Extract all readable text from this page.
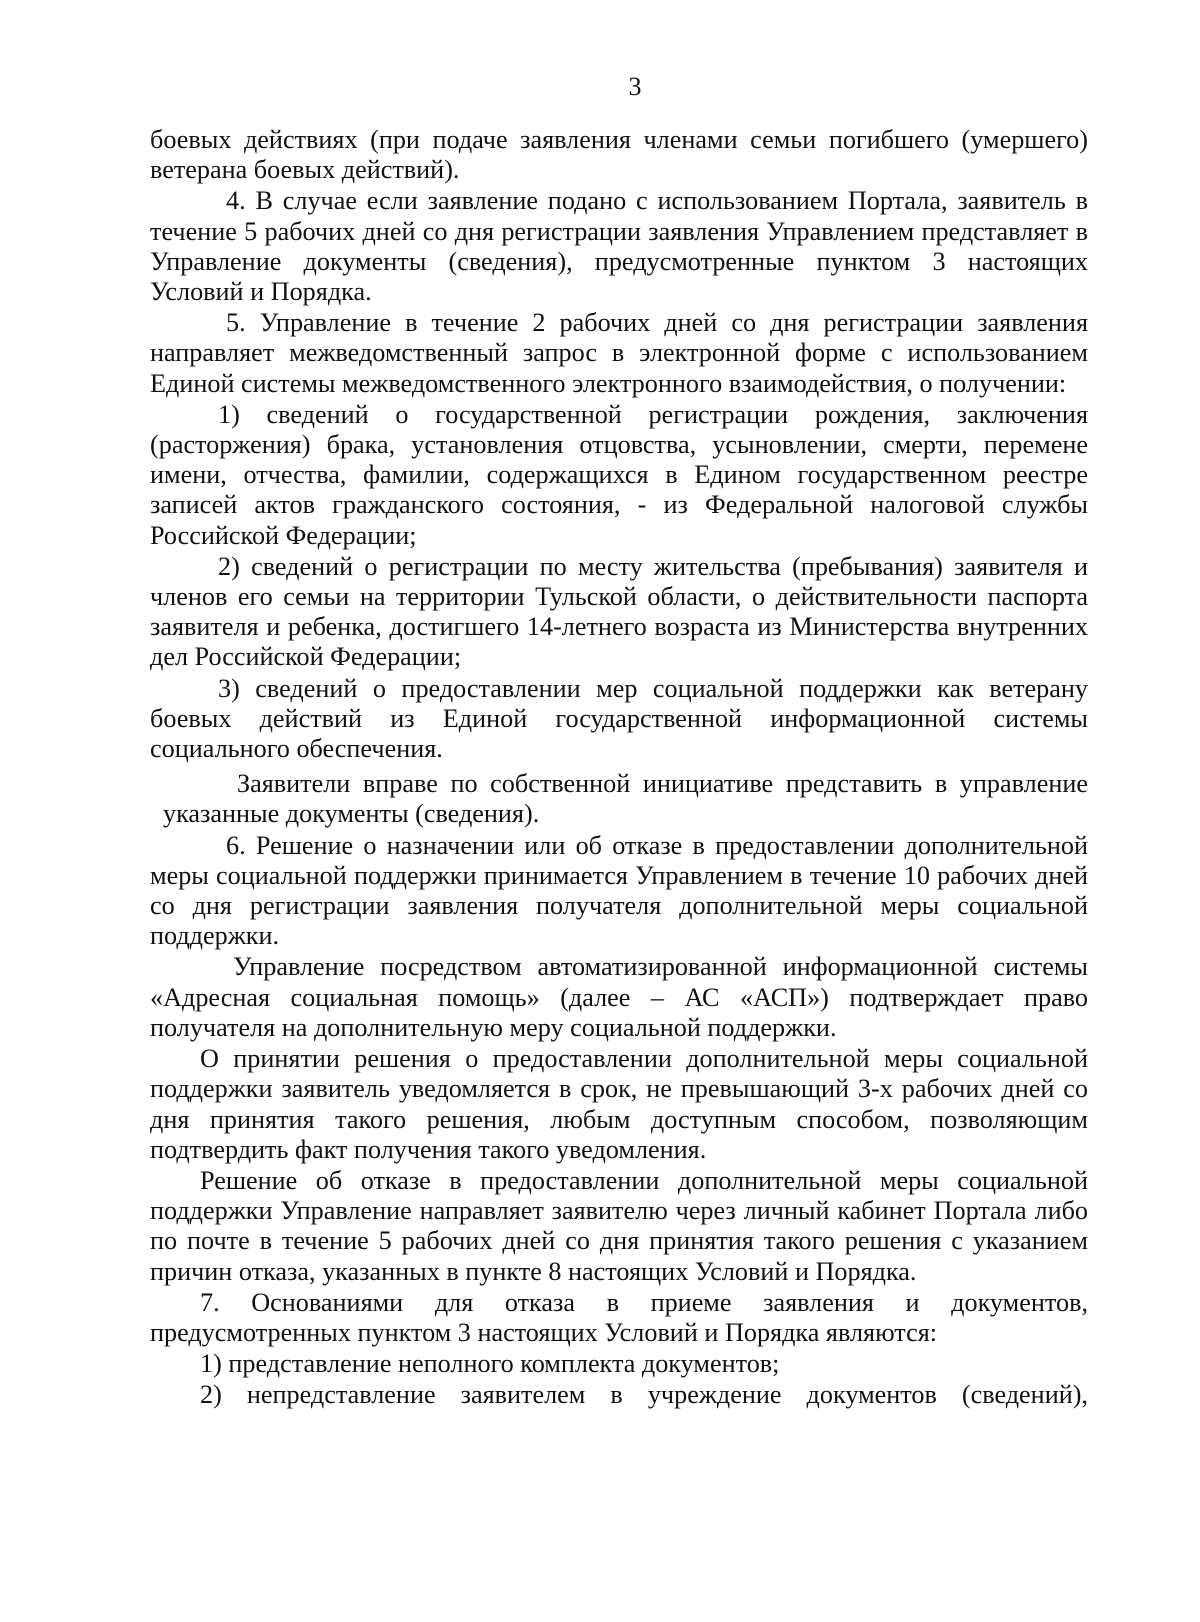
3

боевых действиях (при подаче заявления членами семьи погибшего (умершего) ветерана боевых действий).

4. В случае если заявление подано с использованием Портала, заявитель в течение 5 рабочих дней со дня регистрации заявления Управлением представляет в Управление документы (сведения), предусмотренные пунктом 3 настоящих Условий и Порядка.

5. Управление в течение 2 рабочих дней со дня регистрации заявления направляет межведомственный запрос в электронной форме с использованием Единой системы межведомственного электронного взаимодействия, о получении:

1) сведений о государственной регистрации рождения, заключения (расторжения) брака, установления отцовства, усыновлении, смерти, перемене имени, отчества, фамилии, содержащихся в Едином государственном реестре записей актов гражданского состояния, - из Федеральной налоговой службы Российской Федерации;

2) сведений о регистрации по месту жительства (пребывания) заявителя и членов его семьи на территории Тульской области, о действительности паспорта заявителя и ребенка, достигшего 14-летнего возраста из Министерства внутренних дел Российской Федерации;

3) сведений о предоставлении мер социальной поддержки как ветерану боевых действий из Единой государственной информационной системы социального обеспечения.

Заявители вправе по собственной инициативе представить в управление указанные документы (сведения).

6. Решение о назначении или об отказе в предоставлении дополнительной меры социальной поддержки принимается Управлением в течение 10 рабочих дней со дня регистрации заявления получателя дополнительной меры социальной поддержки.

Управление посредством автоматизированной информационной системы «Адресная социальная помощь» (далее – АС «АСП») подтверждает право получателя на дополнительную меру социальной поддержки.

О принятии решения о предоставлении дополнительной меры социальной поддержки заявитель уведомляется в срок, не превышающий 3-х рабочих дней со дня принятия такого решения, любым доступным способом, позволяющим подтвердить факт получения такого уведомления.

Решение об отказе в предоставлении дополнительной меры социальной поддержки Управление направляет заявителю через личный кабинет Портала либо по почте в течение 5 рабочих дней со дня принятия такого решения с указанием причин отказа, указанных в пункте 8 настоящих Условий и Порядка.

7. Основаниями для отказа в приеме заявления и документов, предусмотренных пунктом 3 настоящих Условий и Порядка являются:

1) представление неполного комплекта документов;

2) непредставление заявителем в учреждение документов (сведений),
